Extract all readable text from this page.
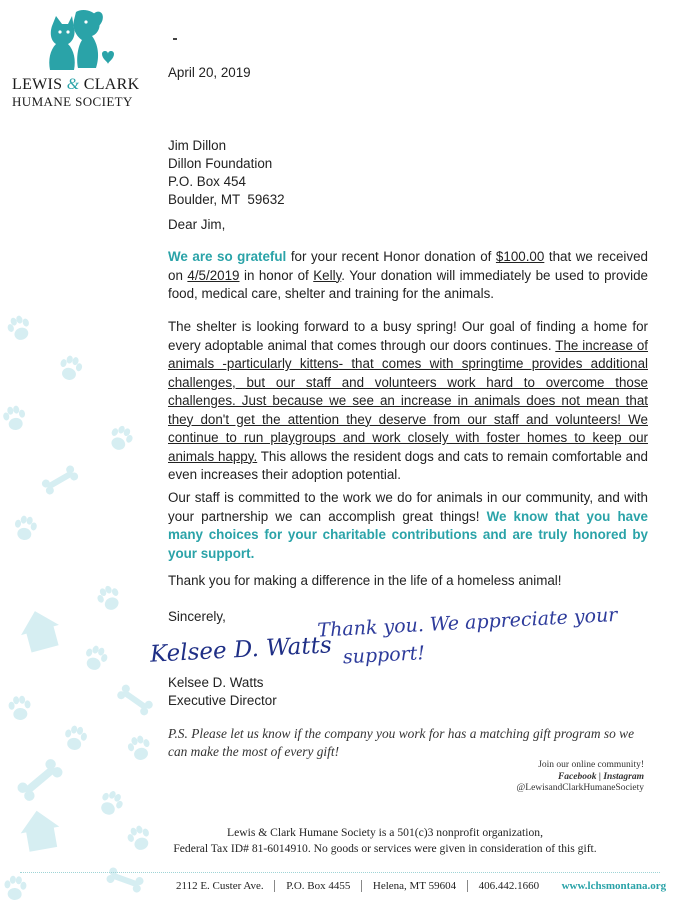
LEWIS & CLARK
HUMANE SOCIETY
April 20, 2019
Jim Dillon
Dillon Foundation
P.O. Box 454
Boulder, MT  59632
Dear Jim,
We are so grateful for your recent Honor donation of $100.00 that we received on 4/5/2019 in honor of Kelly. Your donation will immediately be used to provide food, medical care, shelter and training for the animals.
The shelter is looking forward to a busy spring! Our goal of finding a home for every adoptable animal that comes through our doors continues. The increase of animals -particularly kittens- that comes with springtime provides additional challenges, but our staff and volunteers work hard to overcome those challenges. Just because we see an increase in animals does not mean that they don't get the attention they deserve from our staff and volunteers! We continue to run playgroups and work closely with foster homes to keep our animals happy. This allows the resident dogs and cats to remain comfortable and even increases their adoption potential.
Our staff is committed to the work we do for animals in our community, and with your partnership we can accomplish great things! We know that you have many choices for your charitable contributions and are truly honored by your support.
Thank you for making a difference in the life of a homeless animal!
Sincerely,
Kelsee D. Watts
Thank you. We appreciate your
support!
Kelsee D. Watts
Executive Director
P.S. Please let us know if the company you work for has a matching gift program so we can make the most of every gift!
Join our online community!
Facebook | Instagram
@LewisandClarkHumaneSociety
Lewis & Clark Humane Society is a 501(c)3 nonprofit organization,
Federal Tax ID# 81-6014910. No goods or services were given in consideration of this gift.
2112 E. Custer Ave. P.O. Box 4455 Helena, MT 59604 406.442.1660 www.lchsmontana.org
